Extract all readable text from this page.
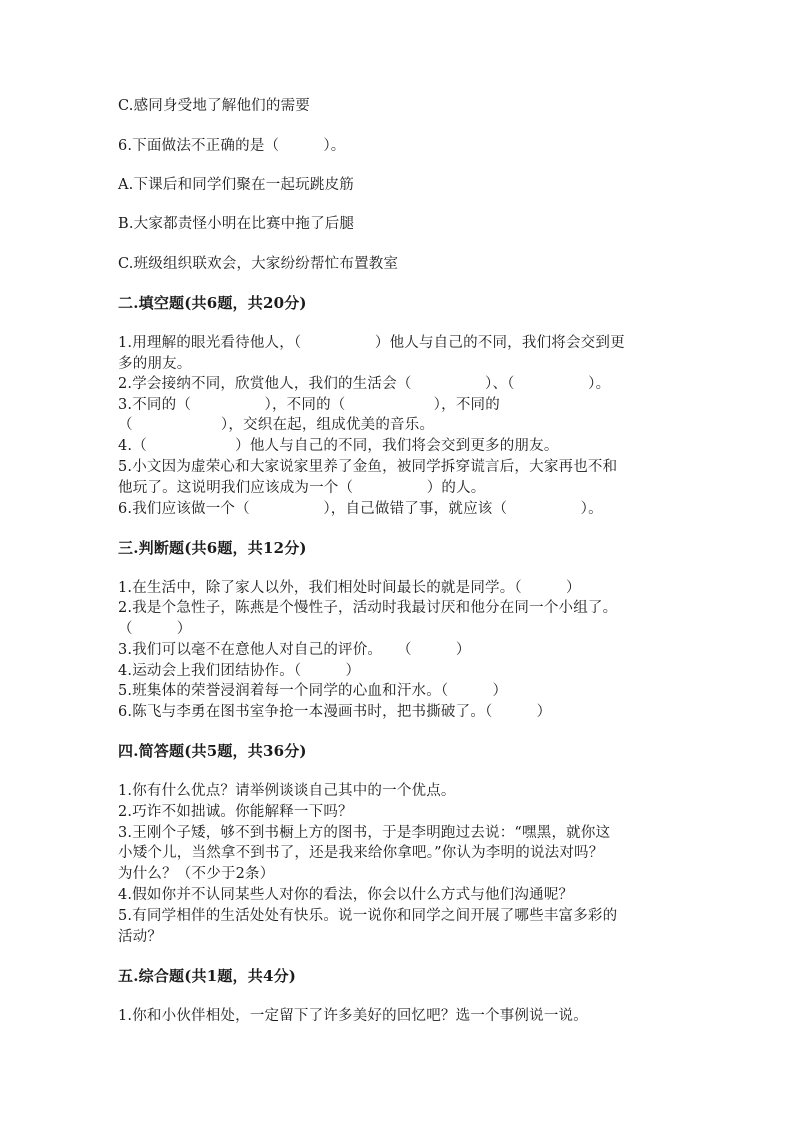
C.感同身受地了解他们的需要
6.下面做法不正确的是（　　　）。
A.下课后和同学们聚在一起玩跳皮筋
B.大家都责怪小明在比赛中拖了后腿
C.班级组织联欢会，大家纷纷帮忙布置教室
二.填空题(共6题，共20分)
1.用理解的眼光看待他人，（　　　　　）他人与自己的不同，我们将会交到更
多的朋友。
2.学会接纳不同，欣赏他人，我们的生活会（　　　　　）、（　　　　　）。
3.不同的（　　　　　），不同的（　　　　　　），不同的
（　　　　　　），交织在起，组成优美的音乐。
4.（　　　　　　）他人与自己的不同，我们将会交到更多的朋友。
5.小文因为虚荣心和大家说家里养了金鱼，被同学拆穿谎言后，大家再也不和
他玩了。这说明我们应该成为一个（　　　　　）的人。
6.我们应该做一个（　　　　　），自己做错了事，就应该（　　　　　）。
三.判断题(共6题，共12分)
1.在生活中，除了家人以外，我们相处时间最长的就是同学。（　　　）
2.我是个急性子，陈燕是个慢性子，活动时我最讨厌和他分在同一个小组了。
（　　　）
3.我们可以毫不在意他人对自己的评价。　　（　　　）
4.运动会上我们团结协作。（　　　）
5.班集体的荣誉浸润着每一个同学的心血和汗水。（　　　）
6.陈飞与李勇在图书室争抢一本漫画书时，把书撕破了。（　　　）
四.简答题(共5题，共36分)
1.你有什么优点？请举例谈谈自己其中的一个优点。
2.巧诈不如拙诚。你能解释一下吗？
3.王刚个子矮，够不到书橱上方的图书，于是李明跑过去说：“嘿黑，就你这
小矮个儿，当然拿不到书了，还是我来给你拿吧。”你认为李明的说法对吗？
为什么？（不少于2条）
4.假如你并不认同某些人对你的看法，你会以什么方式与他们沟通呢？
5.有同学相伴的生活处处有快乐。说一说你和同学之间开展了哪些丰富多彩的
活动？
五.综合题(共1题，共4分)
1.你和小伙伴相处，一定留下了许多美好的回忆吧？选一个事例说一说。
